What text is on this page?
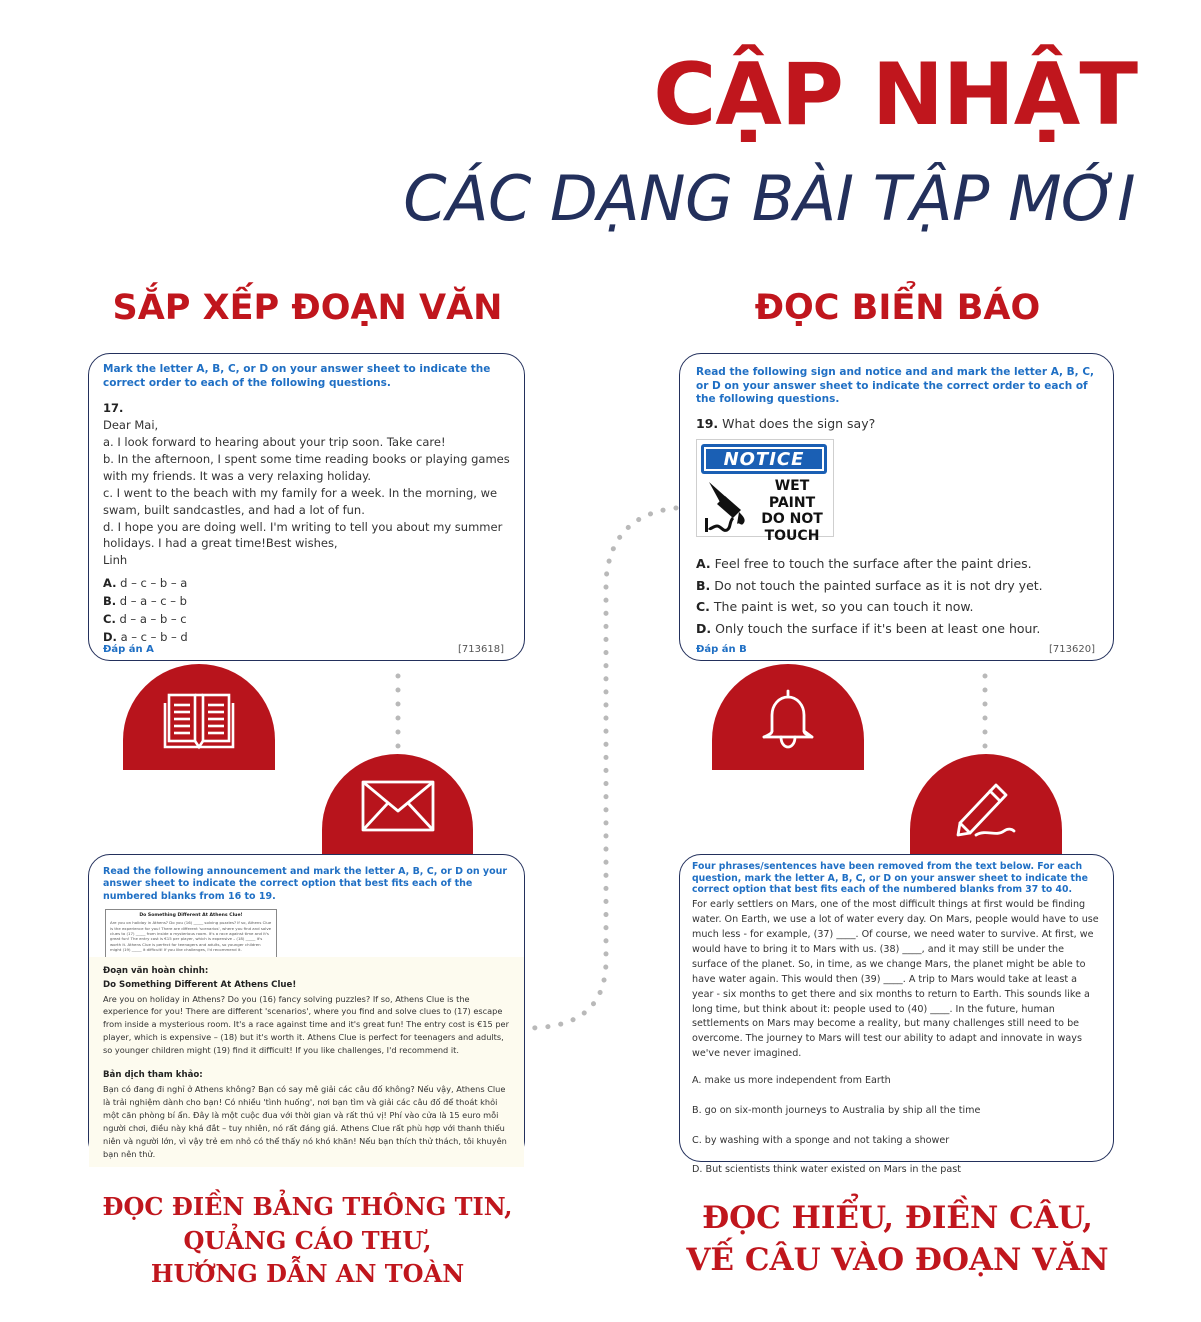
CẬP NHẬT
CÁC DẠNG BÀI TẬP MỚI
SẮP XẾP ĐOẠN VĂN	ĐỌC BIỂN BÁO

Mark the letter A, B, C, or D on your answer sheet to indicate the correct order to each of the following questions.

17.

Dear Mai,

a. I look forward to hearing about your trip soon. Take care!

b. In the afternoon, I spent some time reading books or playing games with my friends. It was a very relaxing holiday.

c. I went to the beach with my family for a week. In the morning, we swam, built sandcastles, and had a lot of fun.

d. I hope you are doing well. I'm writing to tell you about my summer holidays. I had a great time!Best wishes,

Linh

A. d – c – b – a

B. d – a – c – b

C. d – a – b – c

D. a – c – b – d

Đáp án A	[713618]

Read the following sign and notice and and mark the letter A, B, C, or D on your answer sheet to indicate the correct order to each of the following questions.

19. What does the sign say?

NOTICE
WET PAINT
DO NOT
TOUCH

A. Feel free to touch the surface after the paint dries.

B. Do not touch the painted surface as it is not dry yet.

C. The paint is wet, so you can touch it now.

D. Only touch the surface if it's been at least one hour.

Đáp án B	[713620]

Read the following announcement and mark the letter A, B, C, or D on your answer sheet to indicate the correct option that best fits each of the numbered blanks from 16 to 19.

Do Something Different At Athens Clue!
Are you on holiday in Athens? Do you (16) _____ solving puzzles? If so, Athens Clue is the experience for you! There are different 'scenarios', where you find and solve clues to (17) _____ from inside a mysterious room. It's a race against time and it's great fun! The entry cost is €15 per player, which is expensive – (18) _____ it's worth it. Athens Clue is perfect for teenagers and adults, so younger children might (19) _____ it difficult! If you like challenges, I'd recommend it.

Đoạn văn hoàn chỉnh:

Do Something Different At Athens Clue!

Are you on holiday in Athens? Do you (16) fancy solving puzzles? If so, Athens Clue is the experience for you! There are different 'scenarios', where you find and solve clues to (17) escape from inside a mysterious room. It's a race against time and it's great fun! The entry cost is €15 per player, which is expensive – (18) but it's worth it. Athens Clue is perfect for teenagers and adults, so younger children might (19) find it difficult! If you like challenges, I'd recommend it.

Bản dịch tham khảo:

Bạn có đang đi nghỉ ở Athens không? Bạn có say mê giải các câu đố không? Nếu vậy, Athens Clue là trải nghiệm dành cho bạn! Có nhiều 'tình huống', nơi bạn tìm và giải các câu đố để thoát khỏi một căn phòng bí ẩn. Đây là một cuộc đua với thời gian và rất thú vị! Phí vào cửa là 15 euro mỗi người chơi, điều này khá đắt – tuy nhiên, nó rất đáng giá. Athens Clue rất phù hợp với thanh thiếu niên và người lớn, vì vậy trẻ em nhỏ có thể thấy nó khó khăn! Nếu bạn thích thử thách, tôi khuyên bạn nên thử.

Four phrases/sentences have been removed from the text below. For each question, mark the letter A, B, C, or D on your answer sheet to indicate the correct option that best fits each of the numbered blanks from 37 to 40.

For early settlers on Mars, one of the most difficult things at first would be finding water. On Earth, we use a lot of water every day. On Mars, people would have to use much less - for example, (37) ____. Of course, we need water to survive. At first, we would have to bring it to Mars with us. (38) ____, and it may still be under the surface of the planet. So, in time, as we change Mars, the planet might be able to have water again. This would then (39) ____. A trip to Mars would take at least a year - six months to get there and six months to return to Earth. This sounds like a long time, but think about it: people used to (40) ____. In the future, human settlements on Mars may become a reality, but many challenges still need to be overcome. The journey to Mars will test our ability to adapt and innovate in ways we've never imagined.

A. make us more independent from Earth

B. go on six-month journeys to Australia by ship all the time

C. by washing with a sponge and not taking a shower

D. But scientists think water existed on Mars in the past

ĐỌC ĐIỀN BẢNG THÔNG TIN,
QUẢNG CÁO THƯ,
HƯỚNG DẪN AN TOÀN
ĐỌC HIỂU, ĐIỀN CÂU,
VẾ CÂU VÀO ĐOẠN VĂN
